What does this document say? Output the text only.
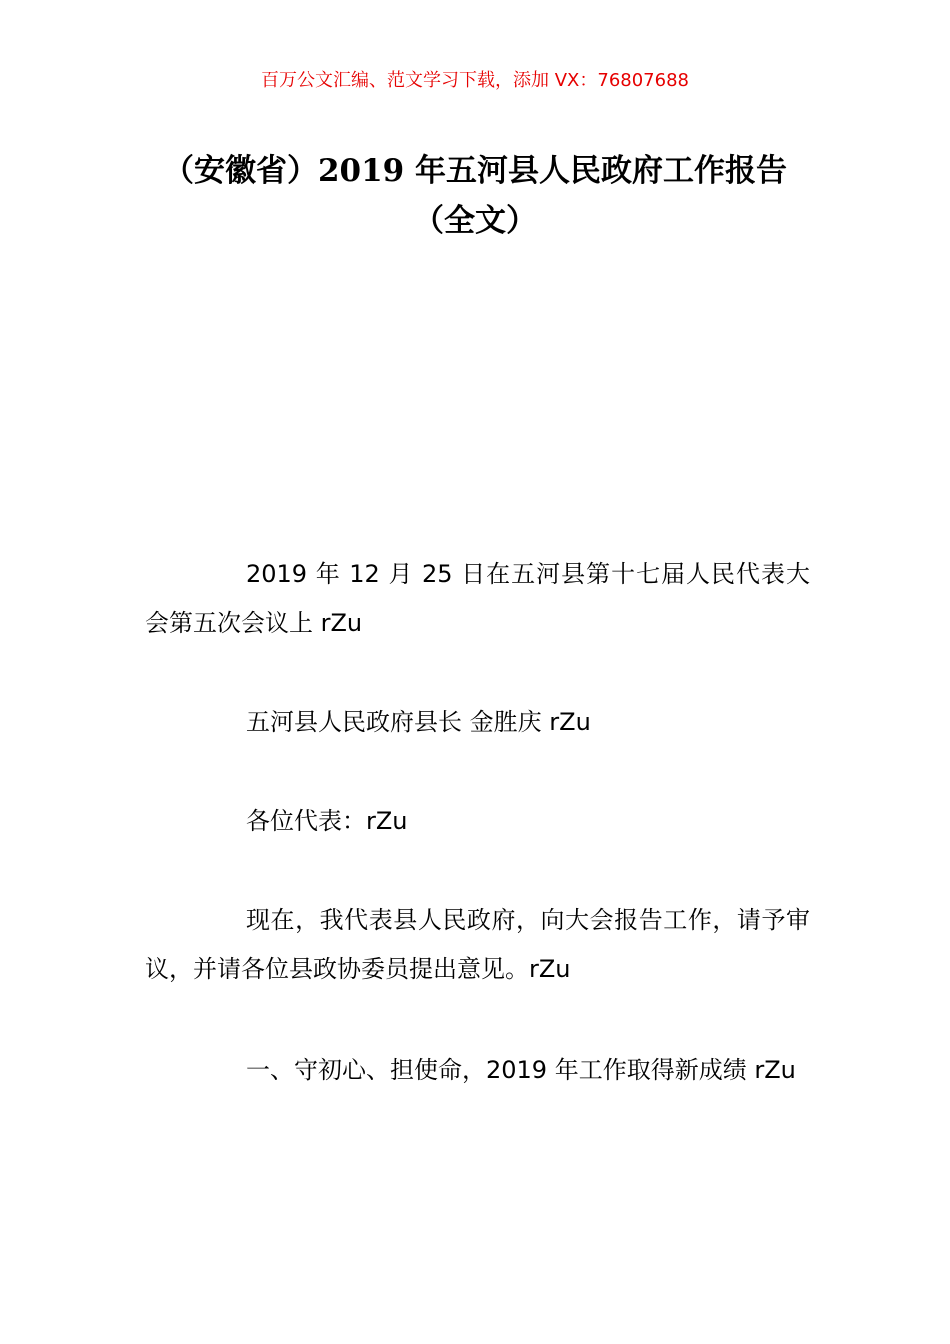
百万公文汇编、范文学习下载，添加 VX：76807688
（安徽省）2019 年五河县人民政府工作报告（全文）

2019 年 12 月 25 日在五河县第十七届人民代表大会第五次会议上 rZu

五河县人民政府县长 金胜庆 rZu

各位代表：rZu

现在，我代表县人民政府，向大会报告工作，请予审议，并请各位县政协委员提出意见。rZu

一、守初心、担使命，2019 年工作取得新成绩 rZu
